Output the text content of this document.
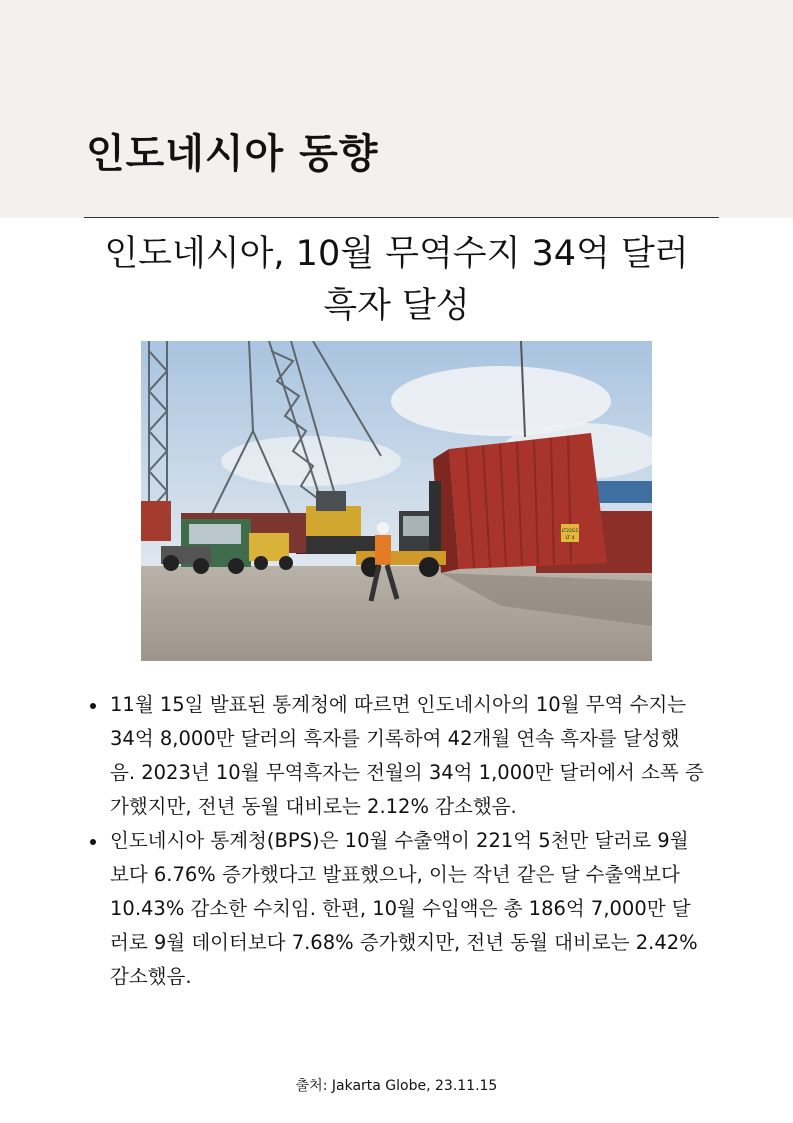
인도네시아 동향
인도네시아, 10월 무역수지 34억 달러
흑자 달성
LT22G1
LT 4
11월 15일 발표된 통계청에 따르면 인도네시아의 10월 무역 수지는 34억 8,000만 달러의 흑자를 기록하여 42개월 연속 흑자를 달성했음. 2023년 10월 무역흑자는 전월의 34억 1,000만 달러에서 소폭 증가했지만, 전년 동월 대비로는 2.12% 감소했음.
인도네시아 통계청(BPS)은 10월 수출액이 221억 5천만 달러로 9월보다 6.76% 증가했다고 발표했으나, 이는 작년 같은 달 수출액보다 10.43% 감소한 수치임. 한편, 10월 수입액은 총 186억 7,000만 달러로 9월 데이터보다 7.68% 증가했지만, 전년 동월 대비로는 2.42% 감소했음.
출처: Jakarta Globe, 23.11.15
